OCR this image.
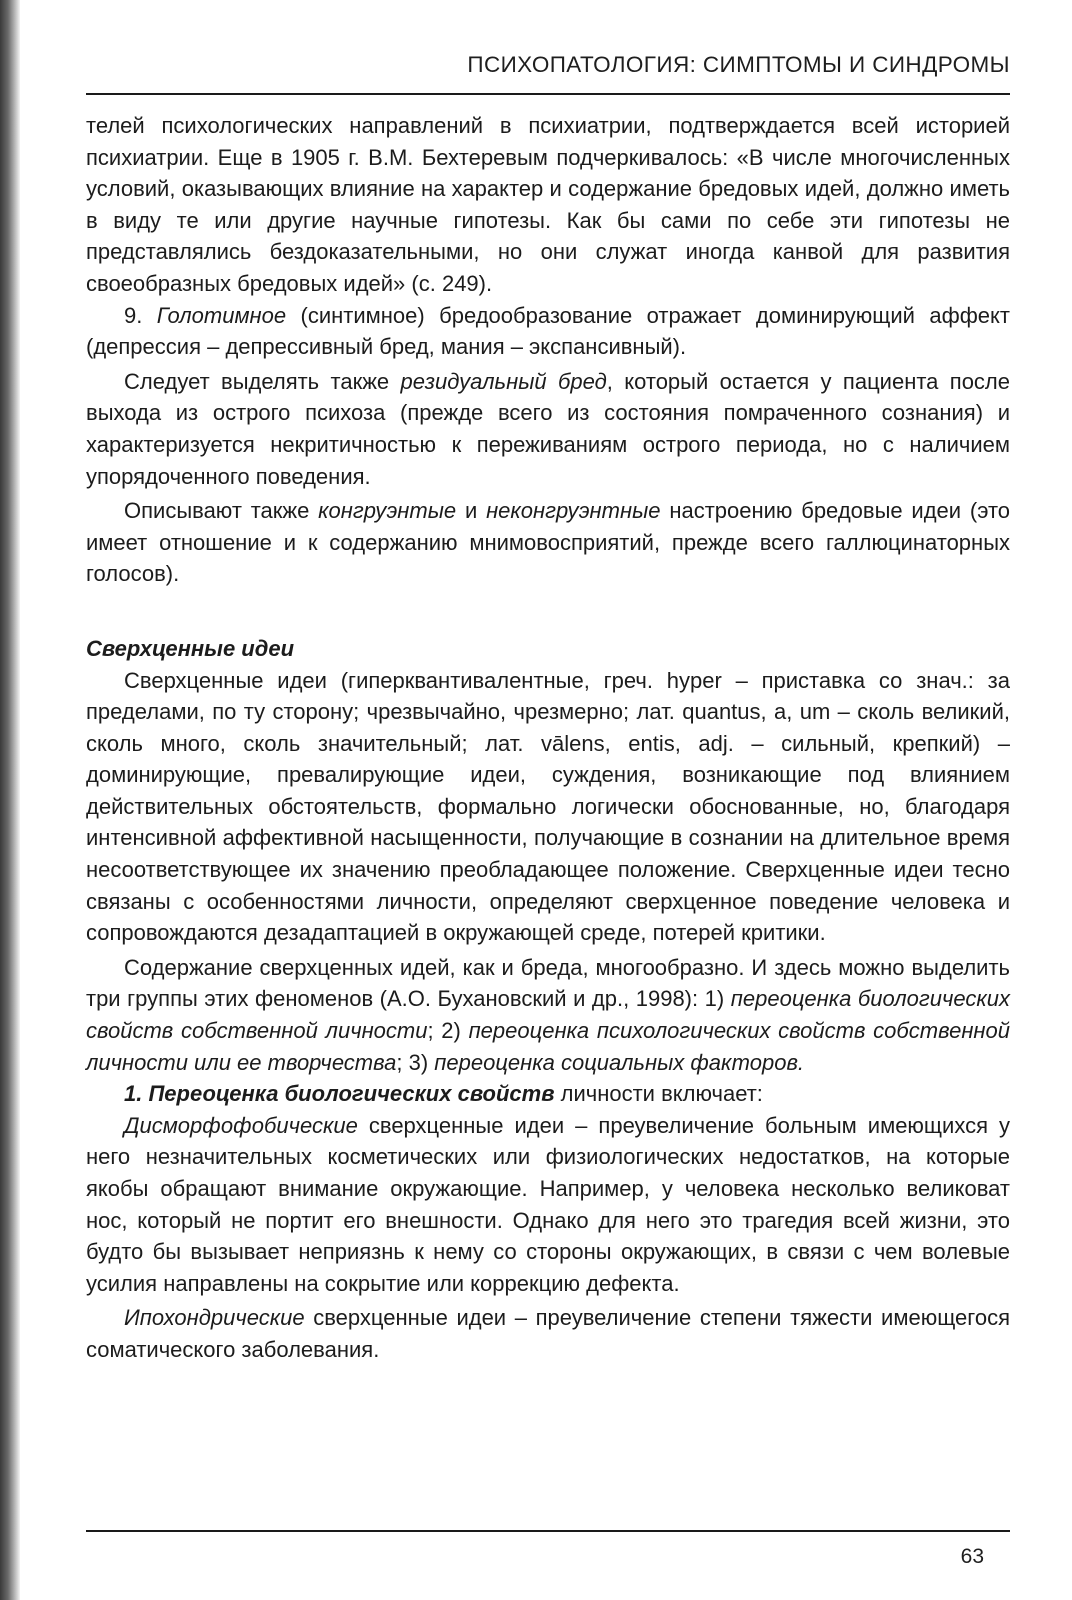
ПСИХОПАТОЛОГИЯ: СИМПТОМЫ И СИНДРОМЫ

телей психологических направлений в психиатрии, подтверждается всей историей психиатрии. Еще в 1905 г. В.М. Бехтеревым подчеркивалось: «В числе многочисленных условий, оказывающих влияние на характер и содержание бредовых идей, должно иметь в виду те или другие научные гипотезы. Как бы сами по себе эти гипотезы не представлялись бездоказательными, но они служат иногда канвой для развития своеобразных бредовых идей» (с. 249).

9. Голотимное (синтимное) бредообразование отражает доминирующий аффект (депрессия – депрессивный бред, мания – экспансивный).

Следует выделять также резидуальный бред, который остается у пациента после выхода из острого психоза (прежде всего из состояния помраченного сознания) и характеризуется некритичностью к переживаниям острого периода, но с наличием упорядоченного поведения.

Описывают также конгруэнтые и неконгруэнтные настроению бредовые идеи (это имеет отношение и к содержанию мнимовосприятий, прежде всего галлюцинаторных голосов).

Сверхценные идеи

Сверхценные идеи (гиперквантивалентные, греч. hyper – приставка со знач.: за пределами, по ту сторону; чрезвычайно, чрезмерно; лат. quantus, a, um – сколь великий, сколь много, сколь значительный; лат. vālens, entis, adj. – сильный, крепкий) – доминирующие, превалирующие идеи, суждения, возникающие под влиянием действительных обстоятельств, формально логически обоснованные, но, благодаря интенсивной аффективной насыщенности, получающие в сознании на длительное время несоответствующее их значению преобладающее положение. Сверхценные идеи тесно связаны с особенностями личности, определяют сверхценное поведение человека и сопровождаются дезадаптацией в окружающей среде, потерей критики.

Содержание сверхценных идей, как и бреда, многообразно. И здесь можно выделить три группы этих феноменов (А.О. Бухановский и др., 1998): 1) переоценка биологических свойств собственной личности; 2) переоценка психологических свойств собственной личности или ее творчества; 3) переоценка социальных факторов.

1. Переоценка биологических свойств личности включает:

Дисморфофобические сверхценные идеи – преувеличение больным имеющихся у него незначительных косметических или физиологических недостатков, на которые якобы обращают внимание окружающие. Например, у человека несколько великоват нос, который не портит его внешности. Однако для него это трагедия всей жизни, это будто бы вызывает неприязнь к нему со стороны окружающих, в связи с чем волевые усилия направлены на сокрытие или коррекцию дефекта.

Ипохондрические сверхценные идеи – преувеличение степени тяжести имеющегося соматического заболевания.

63
